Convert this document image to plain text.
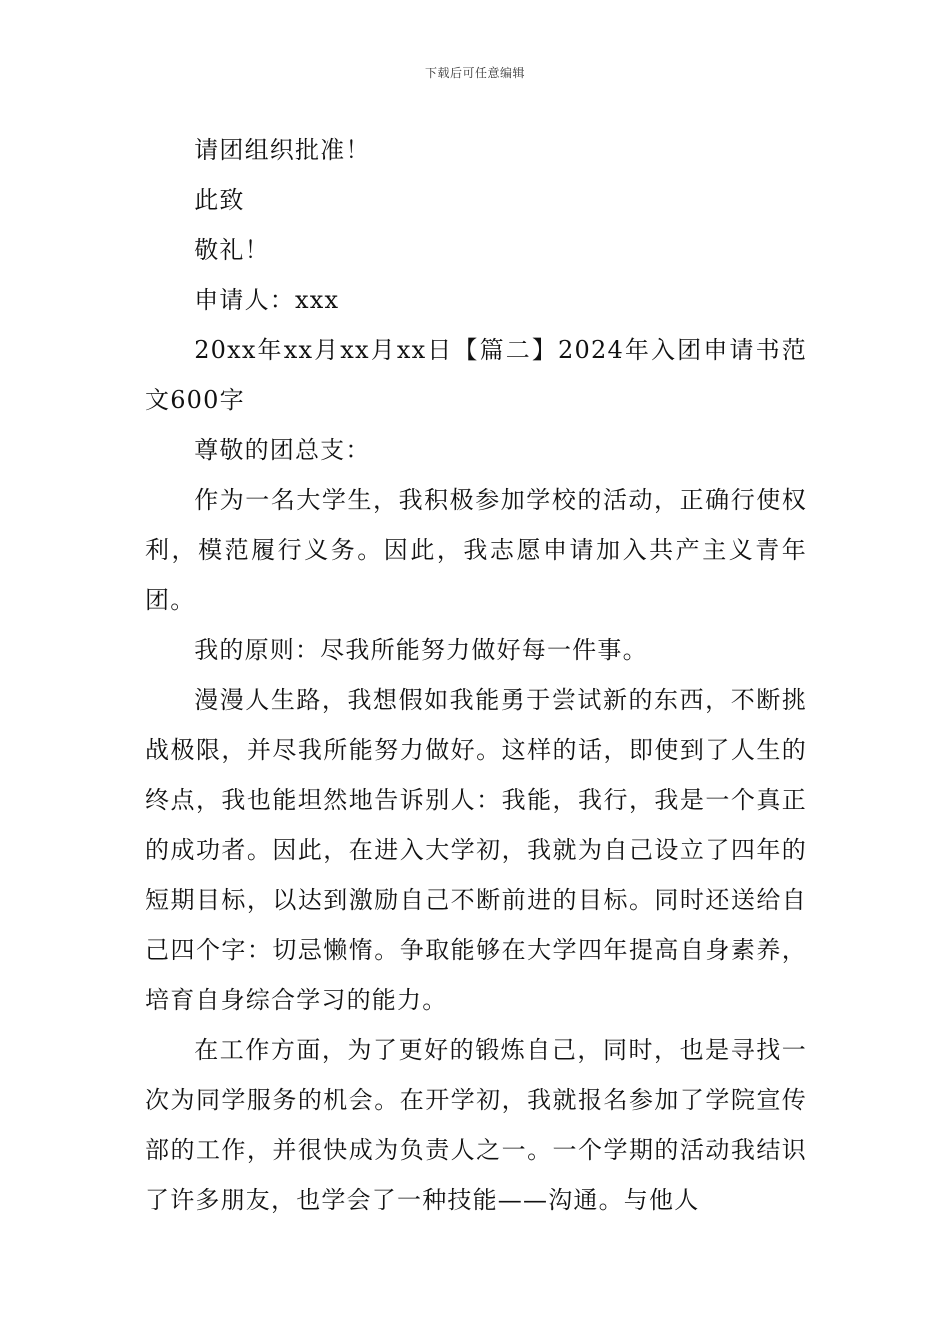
下载后可任意编辑

请团组织批准！

此致

敬礼！

申请人：xxx

20xx年xx月xx月xx日【篇二】2024年入团申请书范文600字

尊敬的团总支：

作为一名大学生，我积极参加学校的活动，正确行使权利，模范履行义务。因此，我志愿申请加入共产主义青年团。

我的原则：尽我所能努力做好每一件事。

漫漫人生路，我想假如我能勇于尝试新的东西，不断挑战极限，并尽我所能努力做好。这样的话，即使到了人生的终点，我也能坦然地告诉别人：我能，我行，我是一个真正的成功者。因此，在进入大学初，我就为自己设立了四年的短期目标，以达到激励自己不断前进的目标。同时还送给自己四个字：切忌懒惰。争取能够在大学四年提高自身素养，培育自身综合学习的能力。

在工作方面，为了更好的锻炼自己，同时，也是寻找一次为同学服务的机会。在开学初，我就报名参加了学院宣传部的工作，并很快成为负责人之一。一个学期的活动我结识了许多朋友，也学会了一种技能——沟通。与他人
